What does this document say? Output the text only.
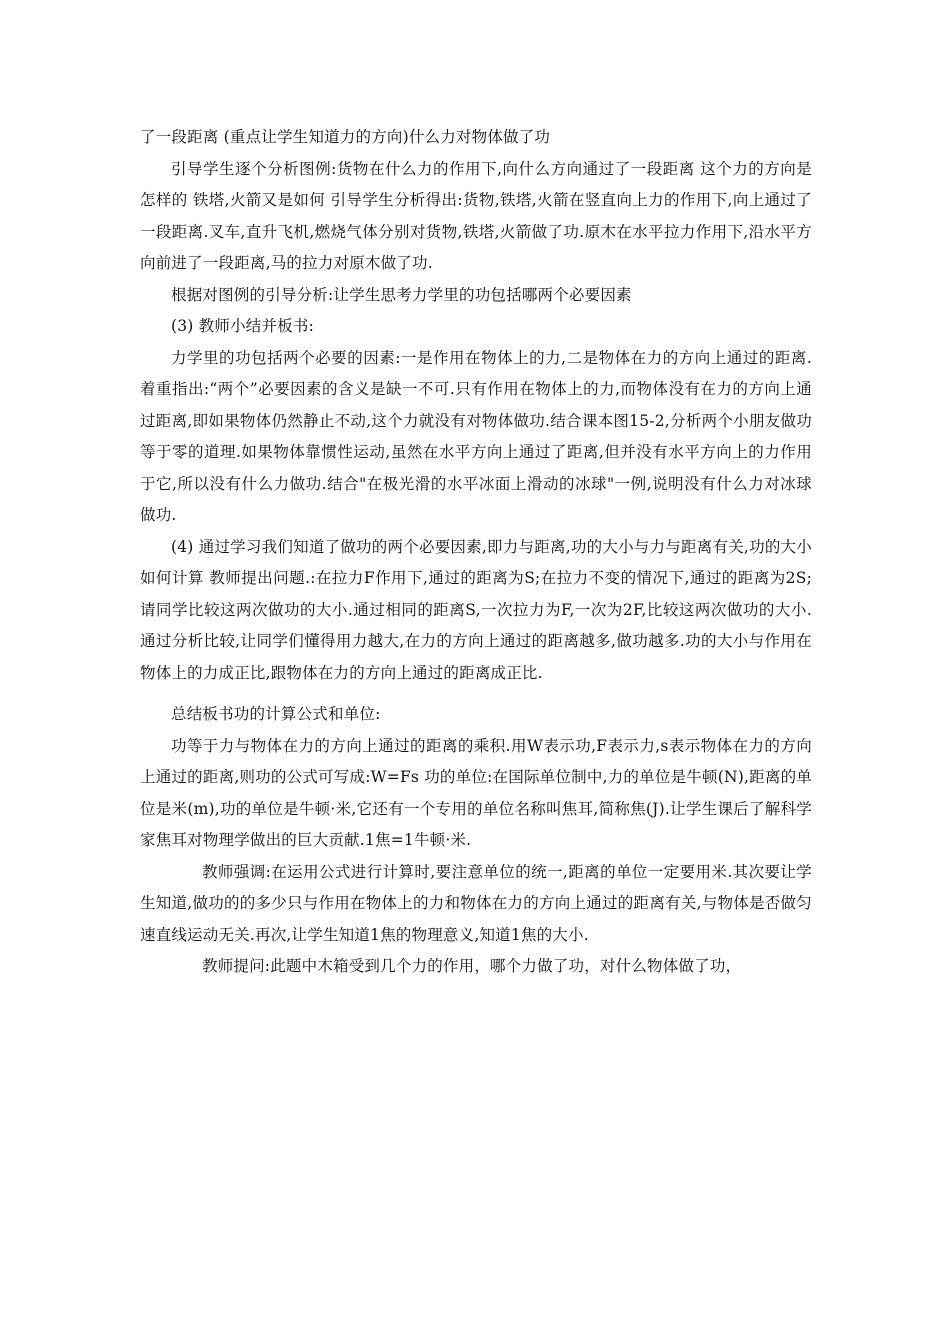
了一段距离 (重点让学生知道力的方向)什么力对物体做了功

引导学生逐个分析图例:货物在什么力的作用下,向什么方向通过了一段距离 这个力的方向是怎样的 铁塔,火箭又是如何 引导学生分析得出:货物,铁塔,火箭在竖直向上力的作用下,向上通过了一段距离.叉车,直升飞机,燃烧气体分别对货物,铁塔,火箭做了功.原木在水平拉力作用下,沿水平方向前进了一段距离,马的拉力对原木做了功.

根据对图例的引导分析:让学生思考力学里的功包括哪两个必要因素

(3) 教师小结并板书:

力学里的功包括两个必要的因素:一是作用在物体上的力,二是物体在力的方向上通过的距离.着重指出:“两个”必要因素的含义是缺一不可.只有作用在物体上的力,而物体没有在力的方向上通过距离,即如果物体仍然静止不动,这个力就没有对物体做功.结合课本图15-2,分析两个小朋友做功等于零的道理.如果物体靠惯性运动,虽然在水平方向上通过了距离,但并没有水平方向上的力作用于它,所以没有什么力做功.结合"在极光滑的水平冰面上滑动的冰球"一例,说明没有什么力对冰球做功.

(4) 通过学习我们知道了做功的两个必要因素,即力与距离,功的大小与力与距离有关,功的大小如何计算 教师提出问题.:在拉力F作用下,通过的距离为S;在拉力不变的情况下,通过的距离为2S;请同学比较这两次做功的大小.通过相同的距离S,一次拉力为F,一次为2F,比较这两次做功的大小.通过分析比较,让同学们懂得用力越大,在力的方向上通过的距离越多,做功越多.功的大小与作用在物体上的力成正比,跟物体在力的方向上通过的距离成正比.

总结板书功的计算公式和单位:

功等于力与物体在力的方向上通过的距离的乘积.用W表示功,F表示力,s表示物体在力的方向上通过的距离,则功的公式可写成:W=Fs 功的单位:在国际单位制中,力的单位是牛顿(N),距离的单位是米(m),功的单位是牛顿·米,它还有一个专用的单位名称叫焦耳,简称焦(J).让学生课后了解科学家焦耳对物理学做出的巨大贡献.1焦=1牛顿·米.

教师强调:在运用公式进行计算时,要注意单位的统一,距离的单位一定要用米.其次要让学生知道,做功的的多少只与作用在物体上的力和物体在力的方向上通过的距离有关,与物体是否做匀速直线运动无关.再次,让学生知道1焦的物理意义,知道1焦的大小.

教师提问:此题中木箱受到几个力的作用，哪个力做了功，对什么物体做了功，
